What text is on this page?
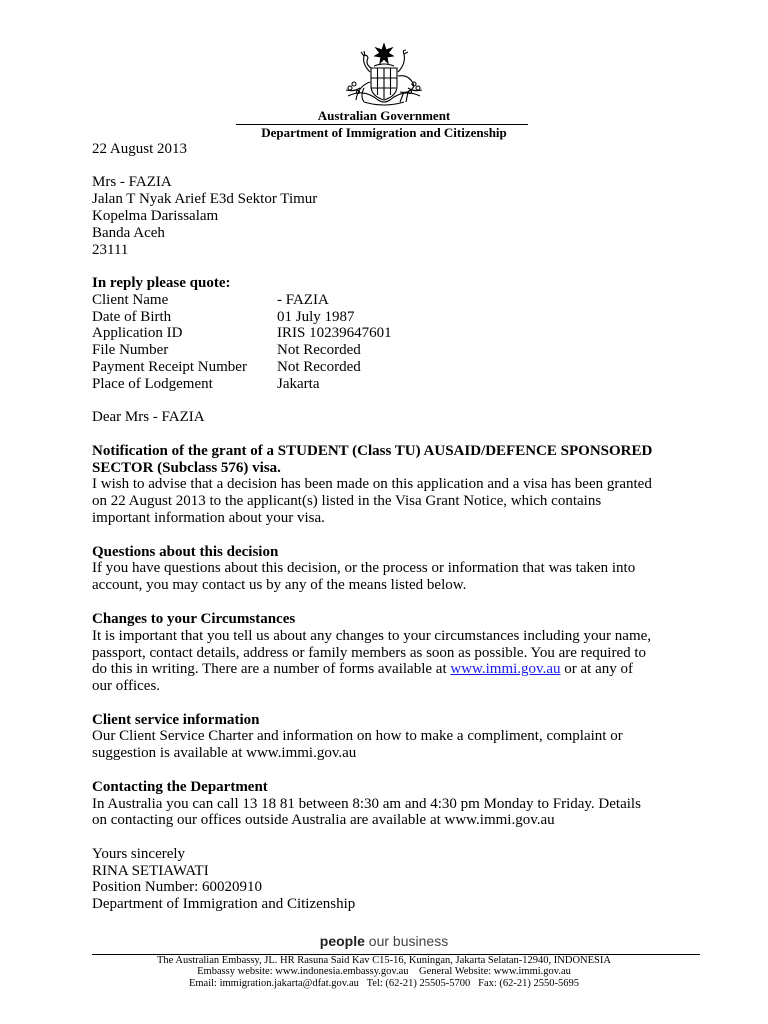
Australian Government
Department of Immigration and Citizenship
22 August 2013
Mrs - FAZIA
Jalan T Nyak Arief E3d Sektor Timur
Kopelma Darissalam
Banda Aceh
23111
In reply please quote:
Client Name	- FAZIA
Date of Birth	01 July 1987
Application ID	IRIS 10239647601
File Number	Not Recorded
Payment Receipt Number Not Recorded
Place of Lodgement	Jakarta
Dear Mrs - FAZIA
Notification of the grant of a STUDENT (Class TU) AUSAID/DEFENCE SPONSORED
SECTOR (Subclass 576) visa.
I wish to advise that a decision has been made on this application and a visa has been granted
on 22 August 2013 to the applicant(s) listed in the Visa Grant Notice, which contains
important information about your visa.
Questions about this decision
If you have questions about this decision, or the process or information that was taken into
account, you may contact us by any of the means listed below.
Changes to your Circumstances
It is important that you tell us about any changes to your circumstances including your name,
passport, contact details, address or family members as soon as possible. You are required to
do this in writing. There are a number of forms available at www.immi.gov.au or at any of
our offices.
Client service information
Our Client Service Charter and information on how to make a compliment, complaint or
suggestion is available at www.immi.gov.au
Contacting the Department
In Australia you can call 13 18 81 between 8:30 am and 4:30 pm Monday to Friday. Details
on contacting our offices outside Australia are available at www.immi.gov.au
Yours sincerely
RINA SETIAWATI
Position Number: 60020910
Department of Immigration and Citizenship
people our business
The Australian Embassy, JL. HR Rasuna Said Kav C15-16, Kuningan, Jakarta Selatan-12940, INDONESIA
Embassy website: www.indonesia.embassy.gov.au    General Website: www.immi.gov.au
Email: immigration.jakarta@dfat.gov.au   Tel: (62-21) 25505-5700   Fax: (62-21) 2550-5695
